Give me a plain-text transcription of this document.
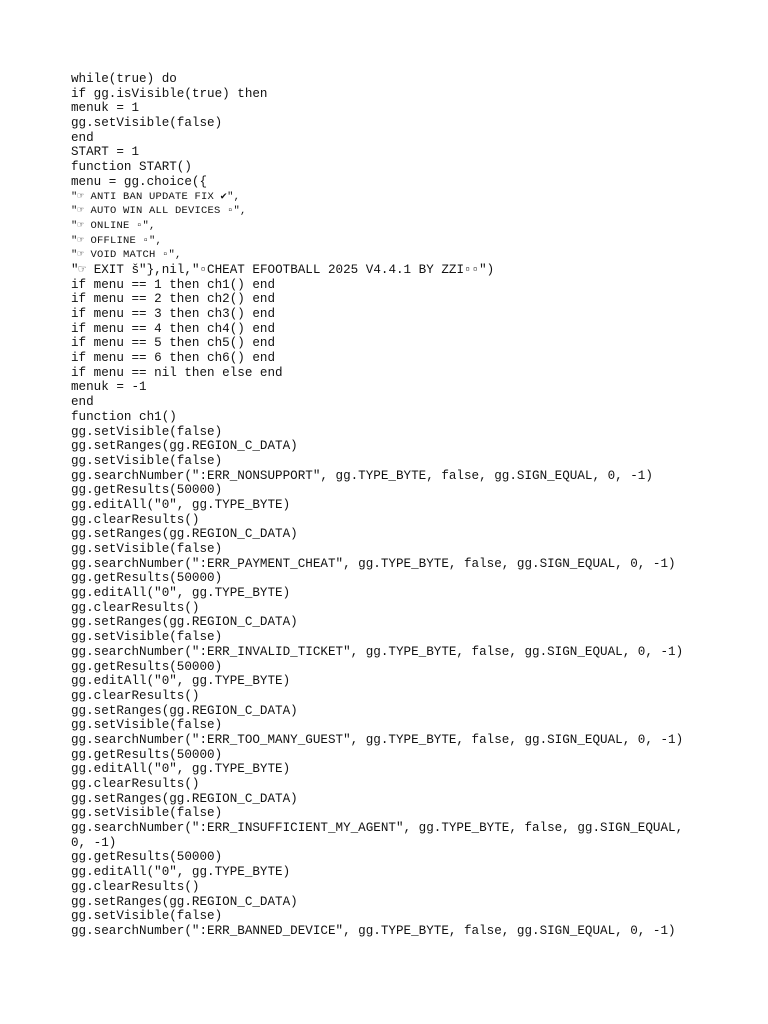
while(true) do
if gg.isVisible(true) then
menuk = 1
gg.setVisible(false)
end
START = 1
function START()
menu = gg.choice({
"☞ ANTI BAN UPDATE FIX ✔",
"☞ AUTO WIN ALL DEVICES ▫",
"☞ ONLINE ▫",
"☞ OFFLINE ▫",
"☞ VOID MATCH ▫",
"☞ EXIT š"},nil,"▫CHEAT EFOOTBALL 2025 V4.4.1 BY ZZI▫▫")
if menu == 1 then ch1() end
if menu == 2 then ch2() end
if menu == 3 then ch3() end
if menu == 4 then ch4() end
if menu == 5 then ch5() end
if menu == 6 then ch6() end
if menu == nil then else end
menuk = -1
end
function ch1()
gg.setVisible(false)
gg.setRanges(gg.REGION_C_DATA)
gg.setVisible(false)
gg.searchNumber(":ERR_NONSUPPORT", gg.TYPE_BYTE, false, gg.SIGN_EQUAL, 0, -1)
gg.getResults(50000)
gg.editAll("0", gg.TYPE_BYTE)
gg.clearResults()
gg.setRanges(gg.REGION_C_DATA)
gg.setVisible(false)
gg.searchNumber(":ERR_PAYMENT_CHEAT", gg.TYPE_BYTE, false, gg.SIGN_EQUAL, 0, -1)
gg.getResults(50000)
gg.editAll("0", gg.TYPE_BYTE)
gg.clearResults()
gg.setRanges(gg.REGION_C_DATA)
gg.setVisible(false)
gg.searchNumber(":ERR_INVALID_TICKET", gg.TYPE_BYTE, false, gg.SIGN_EQUAL, 0, -1)
gg.getResults(50000)
gg.editAll("0", gg.TYPE_BYTE)
gg.clearResults()
gg.setRanges(gg.REGION_C_DATA)
gg.setVisible(false)
gg.searchNumber(":ERR_TOO_MANY_GUEST", gg.TYPE_BYTE, false, gg.SIGN_EQUAL, 0, -1)
gg.getResults(50000)
gg.editAll("0", gg.TYPE_BYTE)
gg.clearResults()
gg.setRanges(gg.REGION_C_DATA)
gg.setVisible(false)
gg.searchNumber(":ERR_INSUFFICIENT_MY_AGENT", gg.TYPE_BYTE, false, gg.SIGN_EQUAL,
0, -1)
gg.getResults(50000)
gg.editAll("0", gg.TYPE_BYTE)
gg.clearResults()
gg.setRanges(gg.REGION_C_DATA)
gg.setVisible(false)
gg.searchNumber(":ERR_BANNED_DEVICE", gg.TYPE_BYTE, false, gg.SIGN_EQUAL, 0, -1)
